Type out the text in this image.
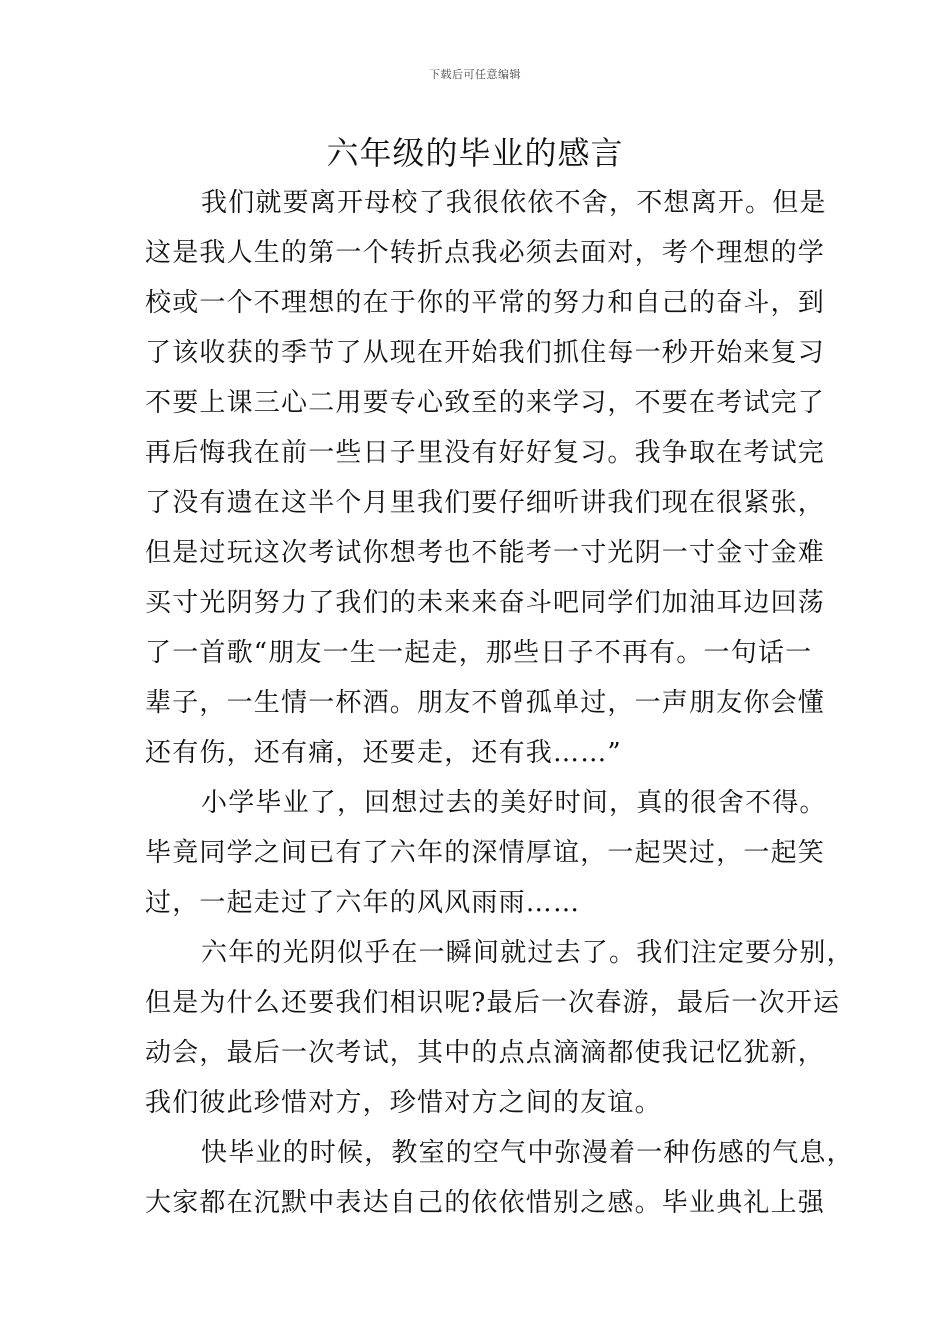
下载后可任意编辑
六年级的毕业的感言

我们就要离开母校了我很依依不舍，不想离开。但是
这是我人生的第一个转折点我必须去面对，考个理想的学
校或一个不理想的在于你的平常的努力和自己的奋斗，到
了该收获的季节了从现在开始我们抓住每一秒开始来复习
不要上课三心二用要专心致至的来学习，不要在考试完了
再后悔我在前一些日子里没有好好复习。我争取在考试完
了没有遗在这半个月里我们要仔细听讲我们现在很紧张，
但是过玩这次考试你想考也不能考一寸光阴一寸金寸金难
买寸光阴努力了我们的未来来奋斗吧同学们加油耳边回荡
了一首歌“朋友一生一起走，那些日子不再有。一句话一
辈子，一生情一杯酒。朋友不曾孤单过，一声朋友你会懂
还有伤，还有痛，还要走，还有我……”

小学毕业了，回想过去的美好时间，真的很舍不得。
毕竟同学之间已有了六年的深情厚谊，一起哭过，一起笑
过，一起走过了六年的风风雨雨……

六年的光阴似乎在一瞬间就过去了。我们注定要分别，
但是为什么还要我们相识呢?最后一次春游，最后一次开运
动会，最后一次考试，其中的点点滴滴都使我记忆犹新，
我们彼此珍惜对方，珍惜对方之间的友谊。

快毕业的时候，教室的空气中弥漫着一种伤感的气息，
大家都在沉默中表达自己的依依惜别之感。毕业典礼上强
